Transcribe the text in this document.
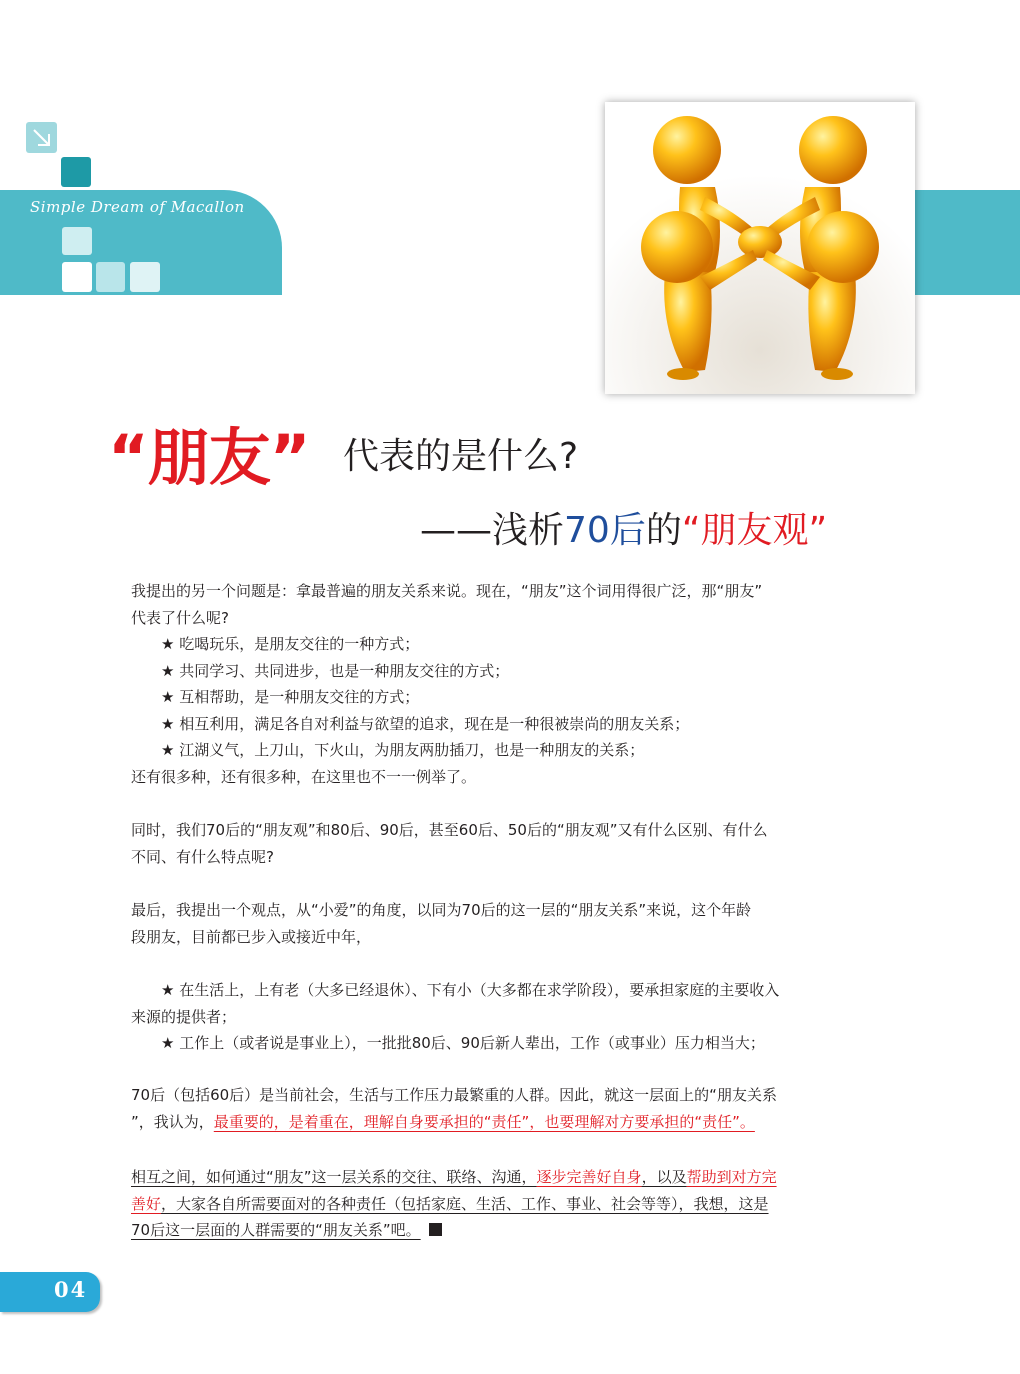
Simple Dream of Macallon
“朋友” 代表的是什么?
——浅析70后的“朋友观”
我提出的另一个问题是：拿最普遍的朋友关系来说。现在，“朋友”这个词用得很广泛，那“朋友”
代表了什么呢?
★ 吃喝玩乐，是朋友交往的一种方式；
★ 共同学习、共同进步，也是一种朋友交往的方式；
★ 互相帮助，是一种朋友交往的方式；
★ 相互利用，满足各自对利益与欲望的追求，现在是一种很被崇尚的朋友关系；
★ 江湖义气，上刀山，下火山，为朋友两肋插刀，也是一种朋友的关系；
还有很多种，还有很多种，在这里也不一一例举了。
同时，我们70后的“朋友观”和80后、90后，甚至60后、50后的“朋友观”又有什么区别、有什么
不同、有什么特点呢?
最后，我提出一个观点，从“小爱”的角度，以同为70后的这一层的“朋友关系”来说，这个年龄
段朋友，目前都已步入或接近中年，
★ 在生活上，上有老（大多已经退休）、下有小（大多都在求学阶段），要承担家庭的主要收入
来源的提供者；
★ 工作上（或者说是事业上），一批批80后、90后新人辈出，工作（或事业）压力相当大；
70后（包括60后）是当前社会，生活与工作压力最繁重的人群。因此，就这一层面上的“朋友关系
”，我认为，最重要的，是着重在，理解自身要承担的“责任”，也要理解对方要承担的“责任”。
相互之间，如何通过“朋友”这一层关系的交往、联络、沟通，逐步完善好自身，以及帮助到对方完
善好，大家各自所需要面对的各种责任（包括家庭、生活、工作、事业、社会等等），我想，这是
70后这一层面的人群需要的“朋友关系”吧。
04
